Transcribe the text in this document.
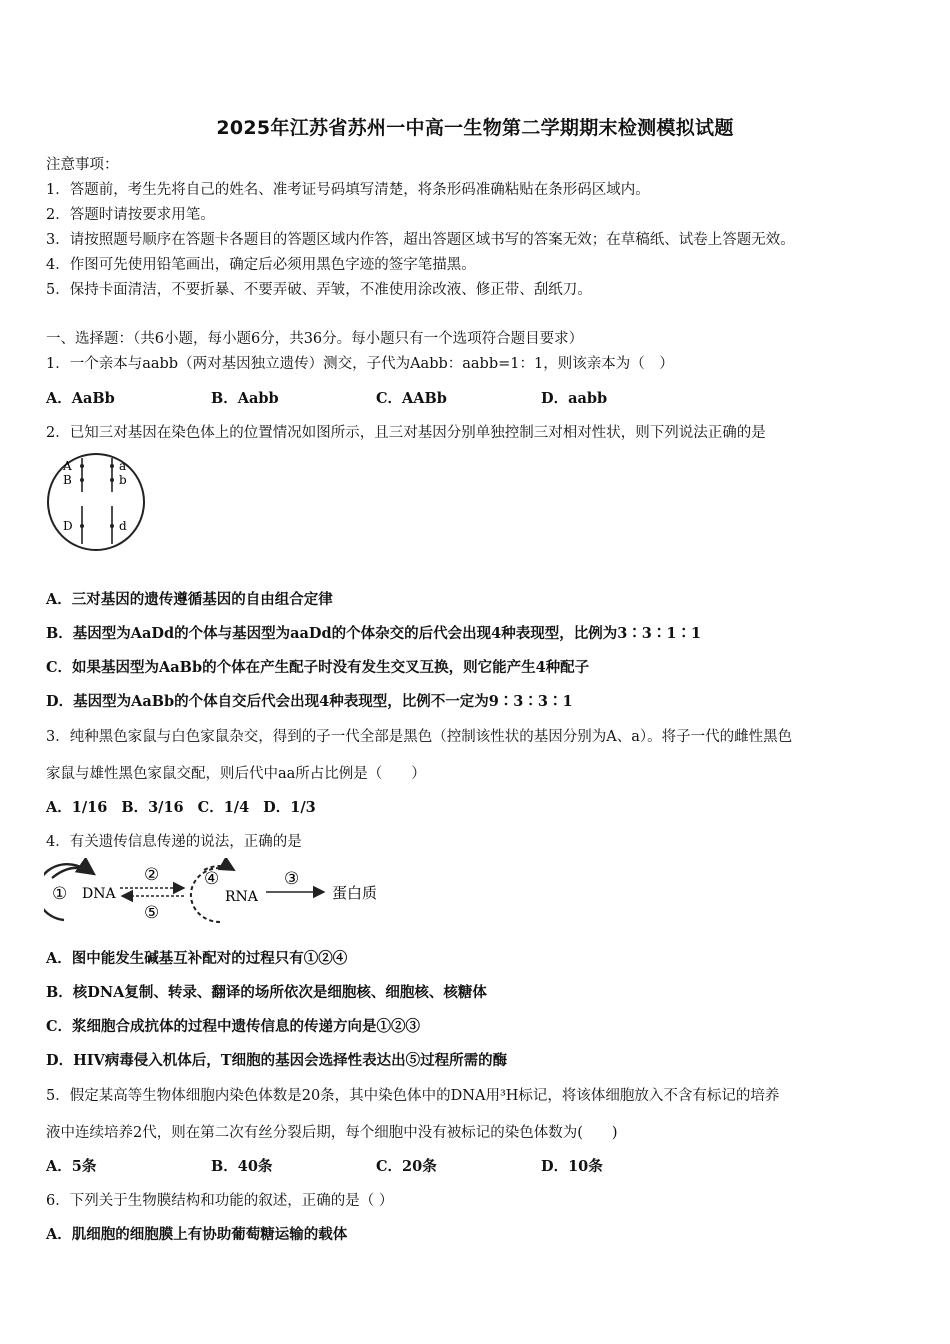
2025年江苏省苏州一中高一生物第二学期期末检测模拟试题
注意事项：
1．答题前，考生先将自己的姓名、准考证号码填写清楚，将条形码准确粘贴在条形码区域内。
2．答题时请按要求用笔。
3．请按照题号顺序在答题卡各题目的答题区域内作答，超出答题区域书写的答案无效；在草稿纸、试卷上答题无效。
4．作图可先使用铅笔画出，确定后必须用黑色字迹的签字笔描黑。
5．保持卡面清洁，不要折暴、不要弄破、弄皱，不准使用涂改液、修正带、刮纸刀。
一、选择题：（共6小题，每小题6分，共36分。每小题只有一个选项符合题目要求）
1．一个亲本与aabb（两对基因独立遗传）测交，子代为Aabb：aabb=1：1，则该亲本为（　）
A．AaBb	B．Aabb	C．AABb	D．aabb
2．已知三对基因在染色体上的位置情况如图所示，且三对基因分别单独控制三对相对性状，则下列说法正确的是
A
B
D
a
b
d
A．三对基因的遗传遵循基因的自由组合定律
B．基因型为AaDd的个体与基因型为aaDd的个体杂交的后代会出现4种表现型，比例为3∶3∶1∶1
C．如果基因型为AaBb的个体在产生配子时没有发生交叉互换，则它能产生4种配子
D．基因型为AaBb的个体自交后代会出现4种表现型，比例不一定为9∶3∶3∶1
3．纯种黑色家鼠与白色家鼠杂交，得到的子一代全部是黑色（控制该性状的基因分别为A、a）。将子一代的雌性黑色
家鼠与雄性黑色家鼠交配，则后代中aa所占比例是（　　）
A．1/16 B．3/16 C．1/4 D．1/3
4．有关遗传信息传递的说法，正确的是
① DNA
②
⑤
④
RNA
③
蛋白质
A．图中能发生碱基互补配对的过程只有①②④
B．核DNA复制、转录、翻译的场所依次是细胞核、细胞核、核糖体
C．浆细胞合成抗体的过程中遗传信息的传递方向是①②③
D．HIV病毒侵入机体后，T细胞的基因会选择性表达出⑤过程所需的酶
5．假定某高等生物体细胞内染色体数是20条，其中染色体中的DNA用³H标记，将该体细胞放入不含有标记的培养
液中连续培养2代，则在第二次有丝分裂后期，每个细胞中没有被标记的染色体数为(　　)
A．5条	B．40条	C．20条	D．10条
6．下列关于生物膜结构和功能的叙述，正确的是（ ）
A．肌细胞的细胞膜上有协助葡萄糖运输的载体
